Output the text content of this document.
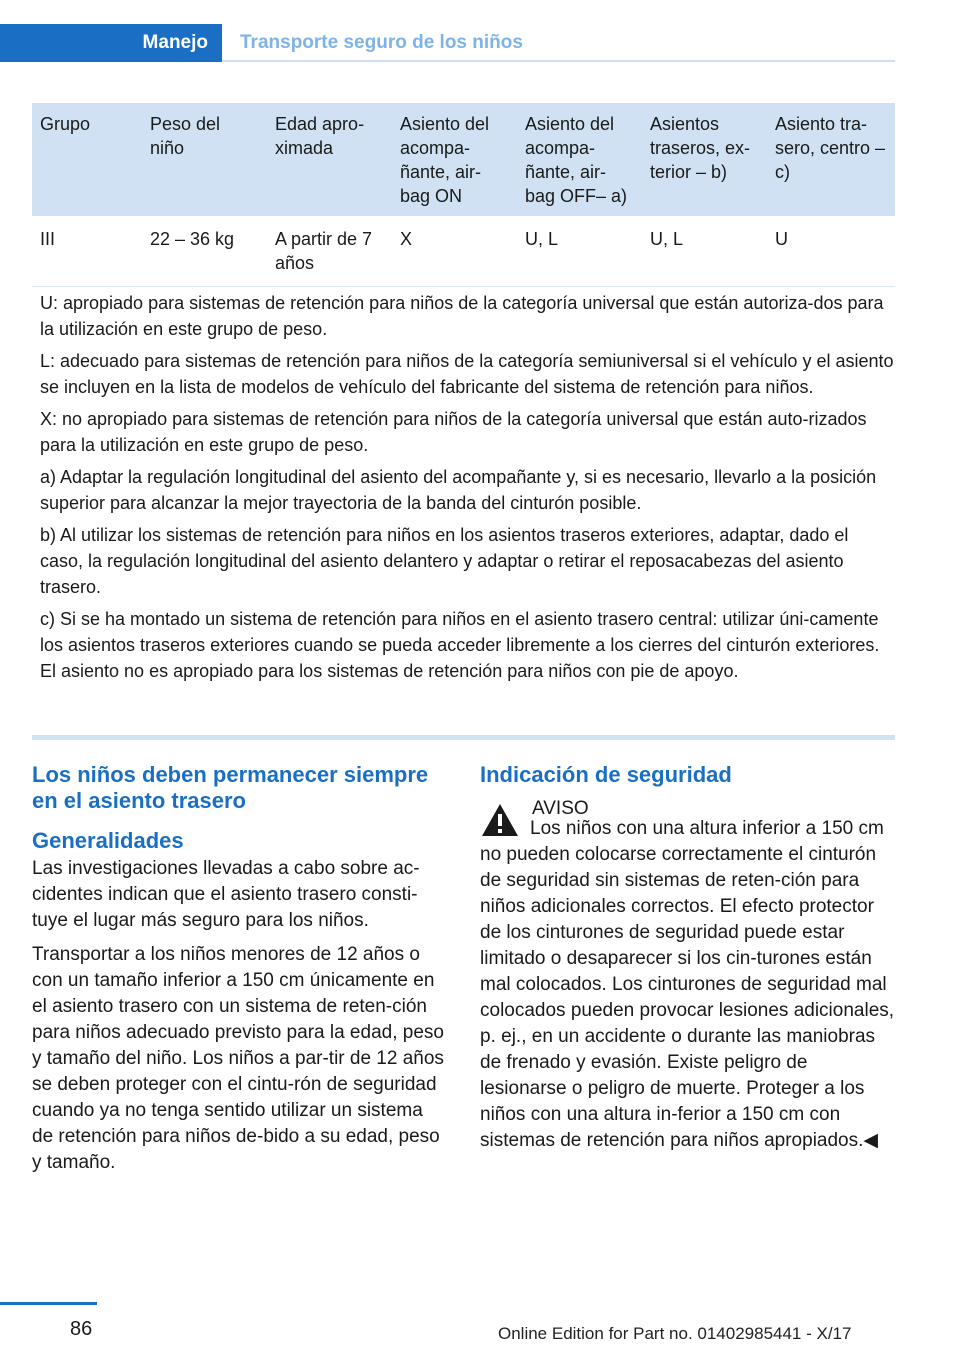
Manejo Transporte seguro de los niños
Grupo	Peso del niño	Edad apro-ximada	Asiento del acompa-ñante, air-bag ON	Asiento del acompa-ñante, air-bag OFF– a)	Asientos traseros, ex-terior – b)	Asiento tra-sero, centro – c)
III	22 – 36 kg	A partir de 7 años	X	U, L	U, L	U

U: apropiado para sistemas de retención para niños de la categoría universal que están autoriza-dos para la utilización en este grupo de peso.

L: adecuado para sistemas de retención para niños de la categoría semiuniversal si el vehículo y el asiento se incluyen en la lista de modelos de vehículo del fabricante del sistema de retención para niños.

X: no apropiado para sistemas de retención para niños de la categoría universal que están auto-rizados para la utilización en este grupo de peso.

a) Adaptar la regulación longitudinal del asiento del acompañante y, si es necesario, llevarlo a la posición superior para alcanzar la mejor trayectoria de la banda del cinturón posible.

b) Al utilizar los sistemas de retención para niños en los asientos traseros exteriores, adaptar, dado el caso, la regulación longitudinal del asiento delantero y adaptar o retirar el reposacabezas del asiento trasero.

c) Si se ha montado un sistema de retención para niños en el asiento trasero central: utilizar úni-camente los asientos traseros exteriores cuando se pueda acceder libremente a los cierres del cinturón exteriores. El asiento no es apropiado para los sistemas de retención para niños con pie de apoyo.

Los niños deben permanecer siempre en el asiento trasero
Generalidades

Las investigaciones llevadas a cabo sobre ac-cidentes indican que el asiento trasero consti-tuye el lugar más seguro para los niños.

Transportar a los niños menores de 12 años o con un tamaño inferior a 150 cm únicamente en el asiento trasero con un sistema de reten-ción para niños adecuado previsto para la edad, peso y tamaño del niño. Los niños a par-tir de 12 años se deben proteger con el cintu-rón de seguridad cuando ya no tenga sentido utilizar un sistema de retención para niños de-bido a su edad, peso y tamaño.

Indicación de seguridad
AVISO

Los niños con una altura inferior a 150 cm no pueden colocarse correctamente el cinturón de seguridad sin sistemas de reten-ción para niños adicionales correctos. El efecto protector de los cinturones de seguridad puede estar limitado o desaparecer si los cin-turones están mal colocados. Los cinturones de seguridad mal colocados pueden provocar lesiones adicionales, p. ej., en un accidente o durante las maniobras de frenado y evasión. Existe peligro de lesionarse o peligro de muerte. Proteger a los niños con una altura in-ferior a 150 cm con sistemas de retención para niños apropiados.◀

86	Online Edition for Part no. 01402985441 - X/17
